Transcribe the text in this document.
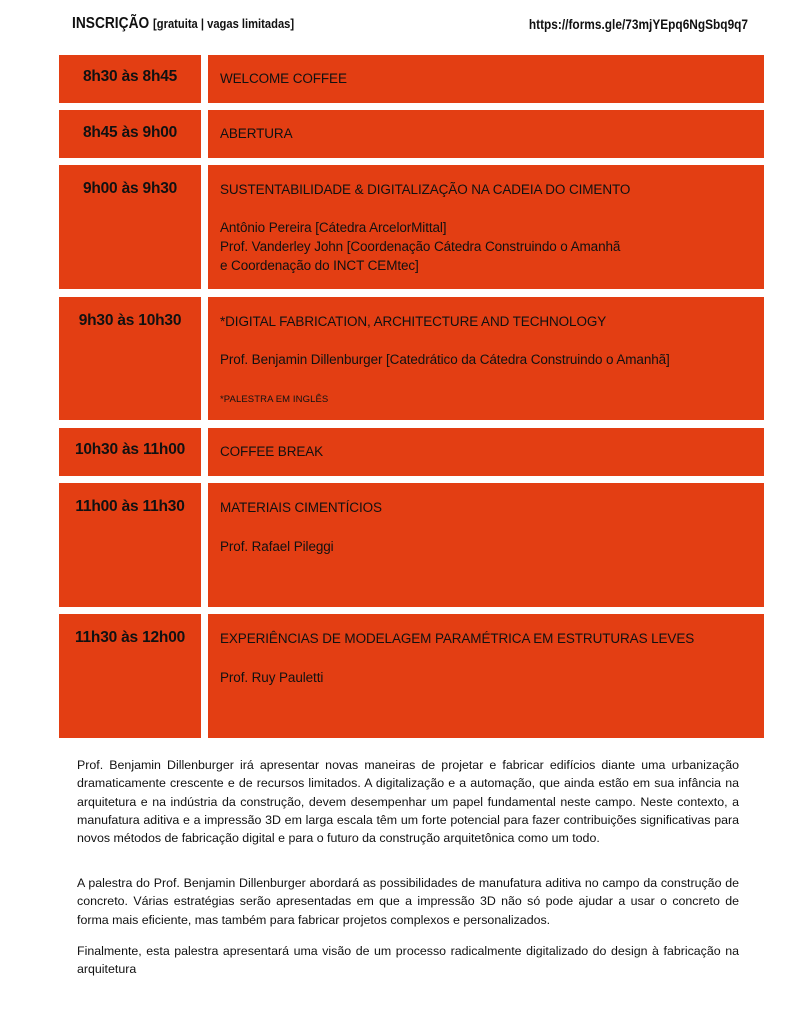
INSCRIÇÃO [gratuita | vagas limitadas]	https://forms.gle/73mjYEpq6NgSbq9q7
8h30 às 8h45	WELCOME COFFEE
8h45 às 9h00	ABERTURA
9h00 às 9h30	SUSTENTABILIDADE & DIGITALIZAÇÃO NA CADEIA DO CIMENTO
Antônio Pereira [Cátedra ArcelorMittal]
Prof. Vanderley John [Coordenação Cátedra Construindo o Amanhã
e Coordenação do INCT CEMtec]
9h30 às 10h30	*DIGITAL FABRICATION, ARCHITECTURE AND TECHNOLOGY
Prof. Benjamin Dillenburger [Catedrático da Cátedra Construindo o Amanhã]
*PALESTRA EM INGLÊS
10h30 às 11h00	COFFEE BREAK
11h00 às 11h30	MATERIAIS CIMENTÍCIOS
Prof. Rafael Pileggi
11h30 às 12h00	EXPERIÊNCIAS DE MODELAGEM PARAMÉTRICA EM ESTRUTURAS LEVES
Prof. Ruy Pauletti

Prof. Benjamin Dillenburger irá apresentar novas maneiras de projetar e fabricar edifícios diante uma urbanização dramaticamente crescente e de recursos limitados. A digitalização e a automação, que ainda estão em sua infância na arquitetura e na indústria da construção, devem desempenhar um papel fundamental neste campo. Neste contexto, a manufatura aditiva e a impressão 3D em larga escala têm um forte potencial para fazer contribuições significativas para novos métodos de fabricação digital e para o futuro da construção arquitetônica como um todo.

A palestra do Prof. Benjamin Dillenburger abordará as possibilidades de manufatura aditiva no campo da construção de concreto. Várias estratégias serão apresentadas em que a impressão 3D não só pode ajudar a usar o concreto de forma mais eficiente, mas também para fabricar projetos complexos e personalizados.

Finalmente, esta palestra apresentará uma visão de um processo radicalmente digitalizado do design à fabricação na arquitetura
